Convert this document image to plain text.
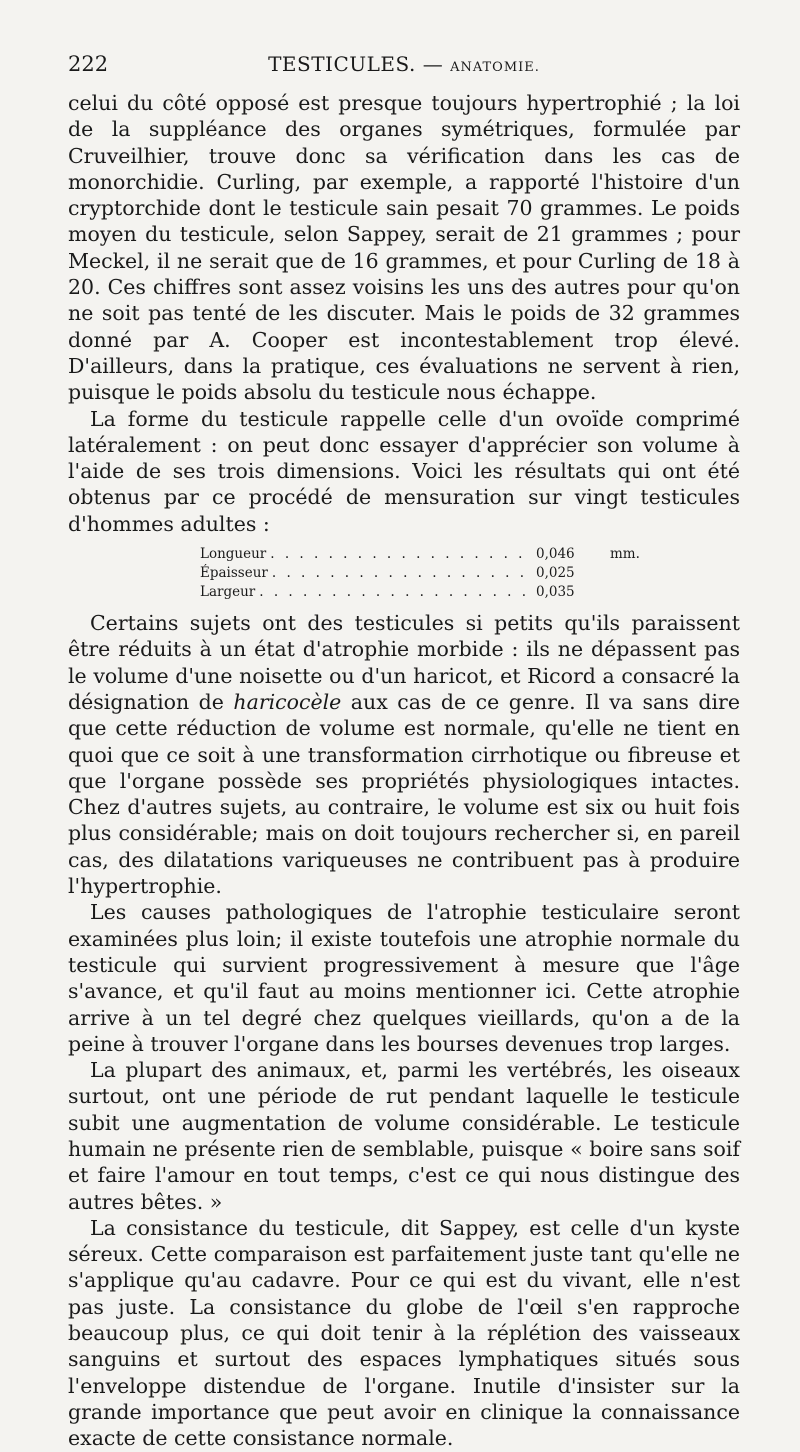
222	TESTICULES. — ANATOMIE.

celui du côté opposé est presque toujours hypertrophié ; la loi de la suppléance des organes symétriques, formulée par Cruveilhier, trouve donc sa vérification dans les cas de monorchidie. Curling, par exemple, a rapporté l'histoire d'un cryptorchide dont le testicule sain pesait 70 grammes. Le poids moyen du testicule, selon Sappey, serait de 21 grammes ; pour Meckel, il ne serait que de 16 grammes, et pour Curling de 18 à 20. Ces chiffres sont assez voisins les uns des autres pour qu'on ne soit pas tenté de les discuter. Mais le poids de 32 grammes donné par A. Cooper est incontestablement trop élevé. D'ailleurs, dans la pratique, ces évaluations ne servent à rien, puisque le poids absolu du testicule nous échappe.

La forme du testicule rappelle celle d'un ovoïde comprimé latéralement : on peut donc essayer d'apprécier son volume à l'aide de ses trois dimensions. Voici les résultats qui ont été obtenus par ce procédé de mensuration sur vingt testicules d'hommes adultes :

Longueur . . .	0,046	mm.
Épaisseur . . .	0,025
Largeur . . .	0,035

Certains sujets ont des testicules si petits qu'ils paraissent être réduits à un état d'atrophie morbide : ils ne dépassent pas le volume d'une noisette ou d'un haricot, et Ricord a consacré la désignation de haricocèle aux cas de ce genre. Il va sans dire que cette réduction de volume est normale, qu'elle ne tient en quoi que ce soit à une transformation cirrhotique ou fibreuse et que l'organe possède ses propriétés physiologiques intactes. Chez d'autres sujets, au contraire, le volume est six ou huit fois plus considérable; mais on doit toujours rechercher si, en pareil cas, des dilatations variqueuses ne contribuent pas à produire l'hypertrophie.

Les causes pathologiques de l'atrophie testiculaire seront examinées plus loin; il existe toutefois une atrophie normale du testicule qui survient progressivement à mesure que l'âge s'avance, et qu'il faut au moins mentionner ici. Cette atrophie arrive à un tel degré chez quelques vieillards, qu'on a de la peine à trouver l'organe dans les bourses devenues trop larges.

La plupart des animaux, et, parmi les vertébrés, les oiseaux surtout, ont une période de rut pendant laquelle le testicule subit une augmentation de volume considérable. Le testicule humain ne présente rien de semblable, puisque « boire sans soif et faire l'amour en tout temps, c'est ce qui nous distingue des autres bêtes. »

La consistance du testicule, dit Sappey, est celle d'un kyste séreux. Cette comparaison est parfaitement juste tant qu'elle ne s'applique qu'au cadavre. Pour ce qui est du vivant, elle n'est pas juste. La consistance du globe de l'œil s'en rapproche beaucoup plus, ce qui doit tenir à la réplétion des vaisseaux sanguins et surtout des espaces lymphatiques situés sous l'enveloppe distendue de l'organe. Inutile d'insister sur la grande importance que peut avoir en clinique la connaissance exacte de cette consistance normale.
